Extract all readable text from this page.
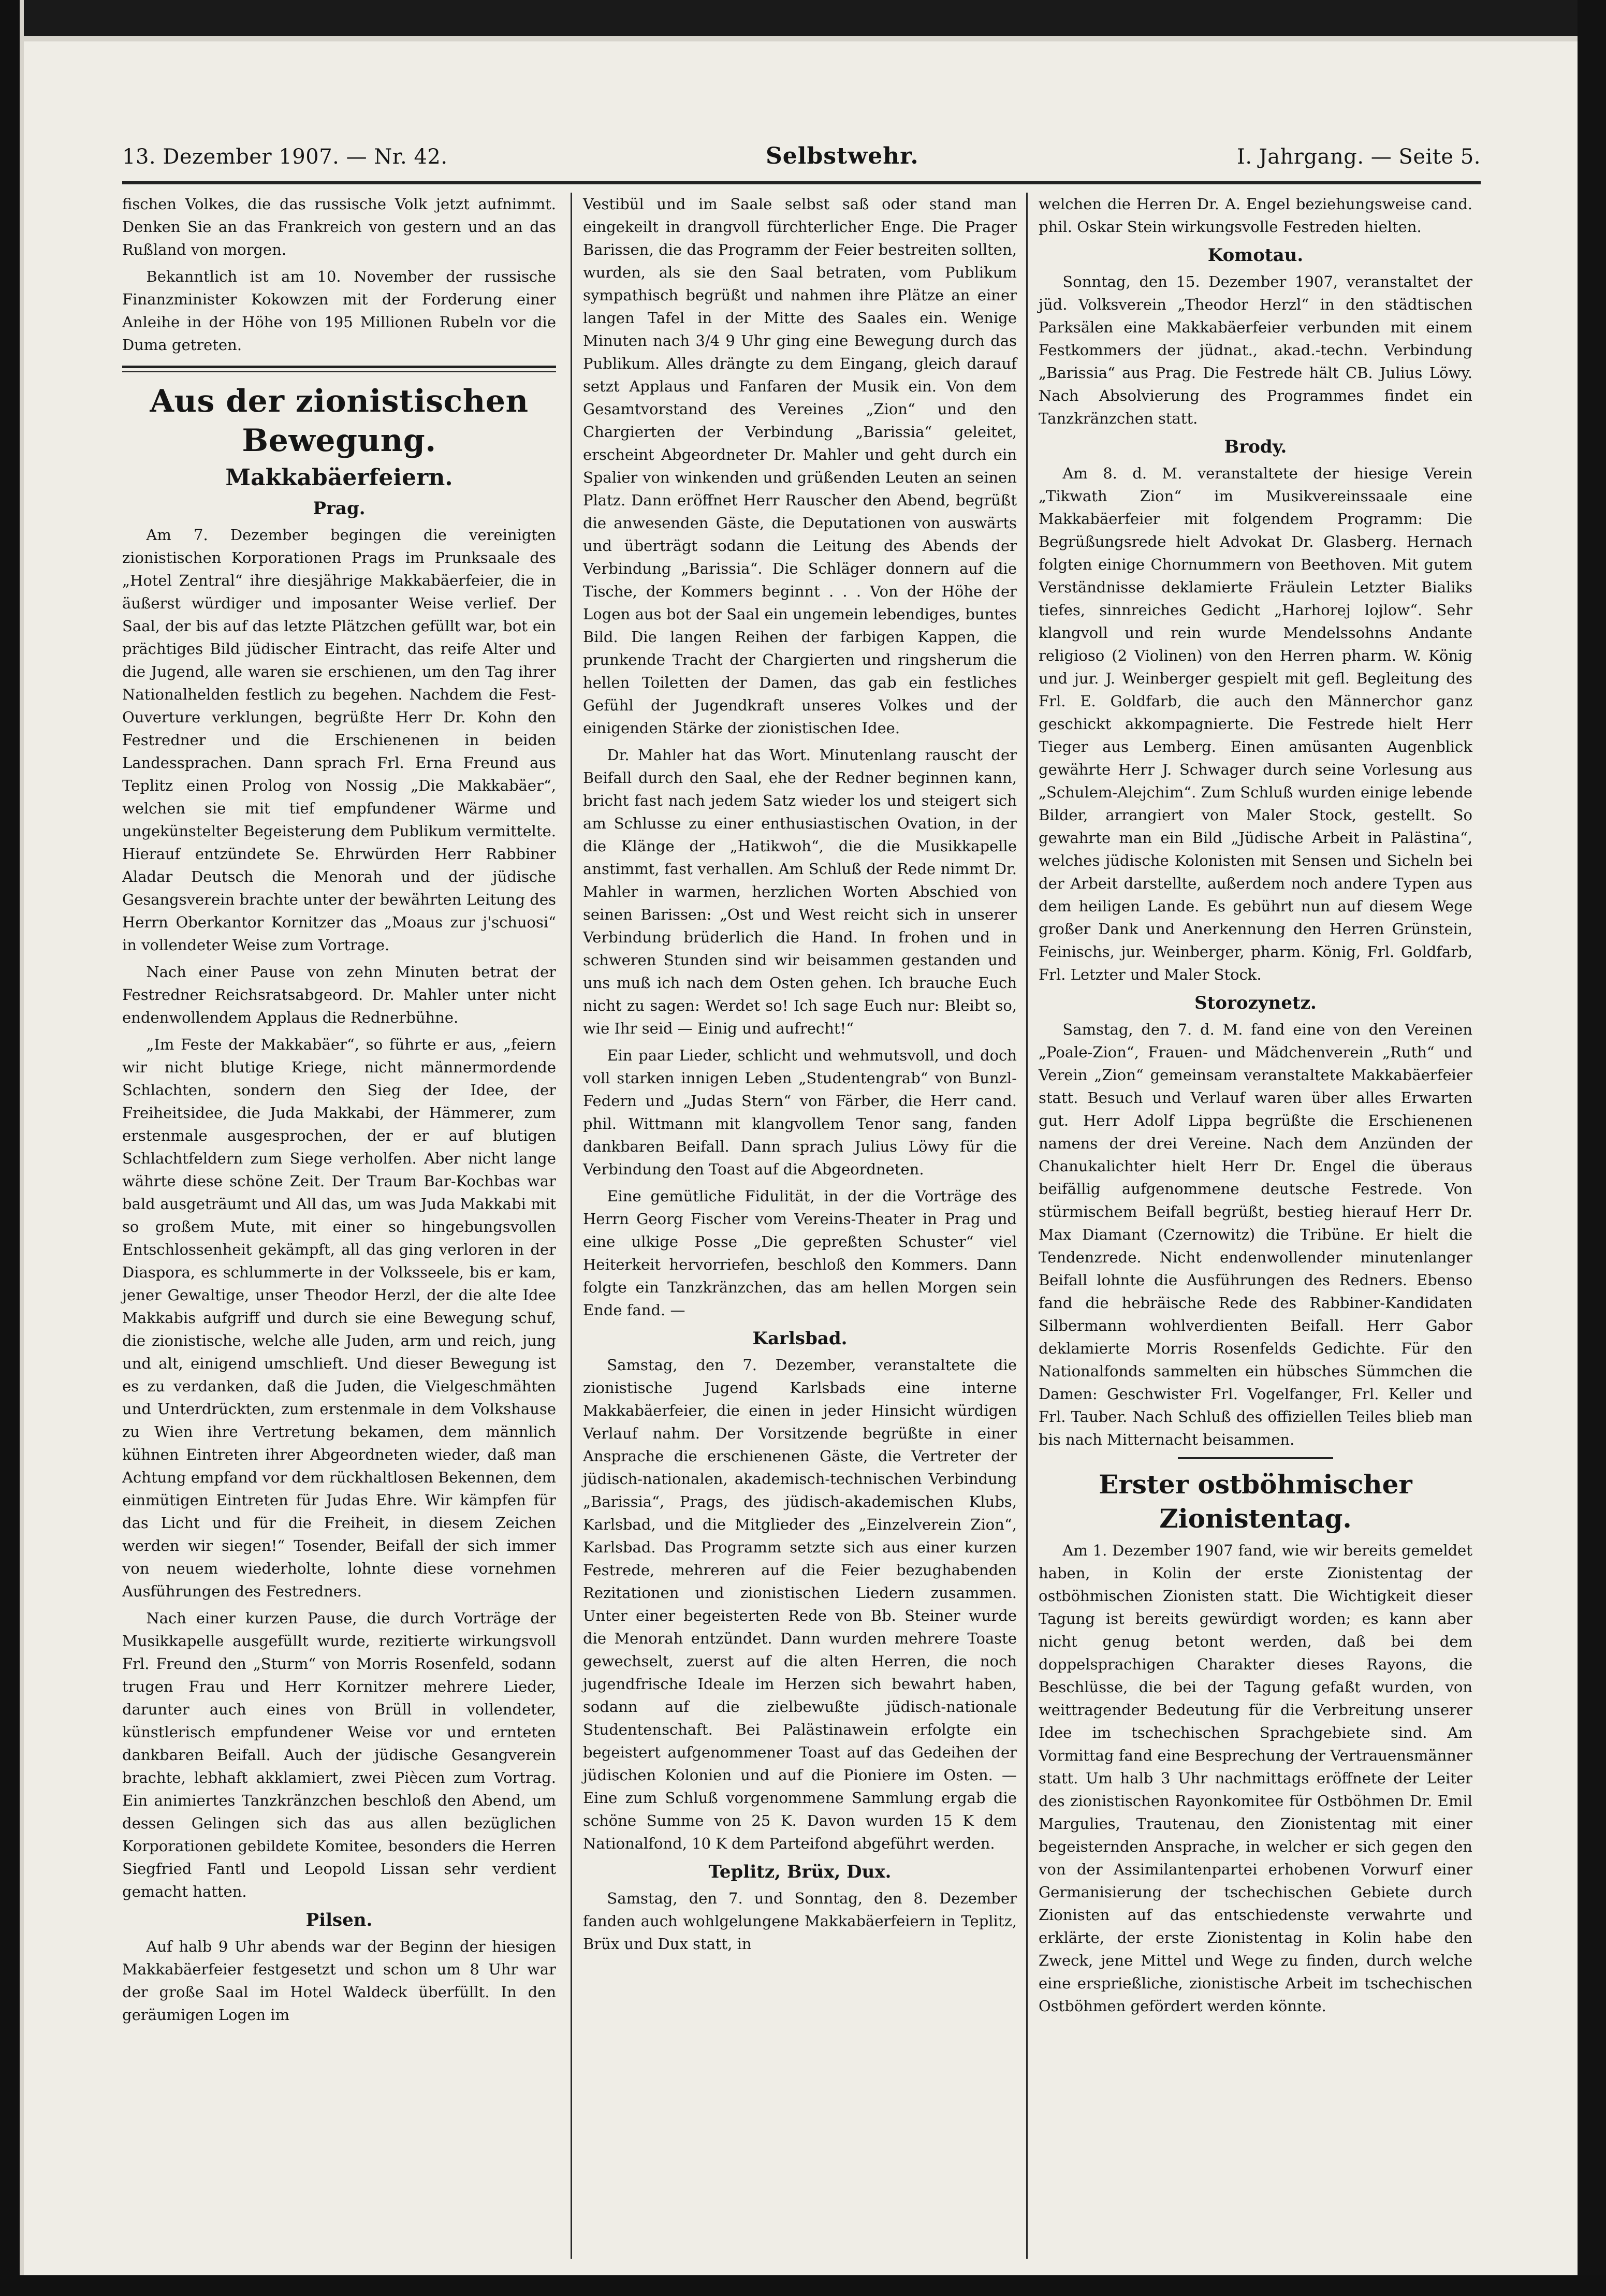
13. Dezember 1907. — Nr. 42.	Selbstwehr.	I. Jahrgang. — Seite 5.

fischen Volkes, die das russische Volk jetzt aufnimmt. Denken Sie an das Frankreich von gestern und an das Rußland von morgen.

Bekanntlich ist am 10. November der russische Finanzminister Kokowzen mit der Forderung einer Anleihe in der Höhe von 195 Millionen Rubeln vor die Duma getreten.

Aus der zionistischen Bewegung.
Makkabäerfeiern.
Prag.

Am 7. Dezember begingen die vereinigten zionistischen Korporationen Prags im Prunksaale des „Hotel Zentral“ ihre diesjährige Makkabäerfeier, die in äußerst würdiger und imposanter Weise verlief. Der Saal, der bis auf das letzte Plätzchen gefüllt war, bot ein prächtiges Bild jüdischer Eintracht, das reife Alter und die Jugend, alle waren sie erschienen, um den Tag ihrer Nationalhelden festlich zu begehen. Nachdem die Fest-Ouverture verklungen, begrüßte Herr Dr. Kohn den Festredner und die Erschienenen in beiden Landessprachen. Dann sprach Frl. Erna Freund aus Teplitz einen Prolog von Nossig „Die Makkabäer“, welchen sie mit tief empfundener Wärme und ungekünstelter Begeisterung dem Publikum vermittelte. Hierauf entzündete Se. Ehrwürden Herr Rabbiner Aladar Deutsch die Menorah und der jüdische Gesangsverein brachte unter der bewährten Leitung des Herrn Oberkantor Kornitzer das „Moaus zur j'schuosi“ in vollendeter Weise zum Vortrage.

Nach einer Pause von zehn Minuten betrat der Festredner Reichsratsabgeord. Dr. Mahler unter nicht endenwollendem Applaus die Rednerbühne.

„Im Feste der Makkabäer“, so führte er aus, „feiern wir nicht blutige Kriege, nicht männermordende Schlachten, sondern den Sieg der Idee, der Freiheitsidee, die Juda Makkabi, der Hämmerer, zum erstenmale ausgesprochen, der er auf blutigen Schlachtfeldern zum Siege verholfen. Aber nicht lange währte diese schöne Zeit. Der Traum Bar-Kochbas war bald ausgeträumt und All das, um was Juda Makkabi mit so großem Mute, mit einer so hingebungsvollen Entschlossenheit gekämpft, all das ging verloren in der Diaspora, es schlummerte in der Volksseele, bis er kam, jener Gewaltige, unser Theodor Herzl, der die alte Idee Makkabis aufgriff und durch sie eine Bewegung schuf, die zionistische, welche alle Juden, arm und reich, jung und alt, einigend umschlieft. Und dieser Bewegung ist es zu verdanken, daß die Juden, die Vielgeschmähten und Unterdrückten, zum erstenmale in dem Volkshause zu Wien ihre Vertretung bekamen, dem männlich kühnen Eintreten ihrer Abgeordneten wieder, daß man Achtung empfand vor dem rückhaltlosen Bekennen, dem einmütigen Eintreten für Judas Ehre. Wir kämpfen für das Licht und für die Freiheit, in diesem Zeichen werden wir siegen!“ Tosender, Beifall der sich immer von neuem wiederholte, lohnte diese vornehmen Ausführungen des Festredners.

Nach einer kurzen Pause, die durch Vorträge der Musikkapelle ausgefüllt wurde, rezitierte wirkungsvoll Frl. Freund den „Sturm“ von Morris Rosenfeld, sodann trugen Frau und Herr Kornitzer mehrere Lieder, darunter auch eines von Brüll in vollendeter, künstlerisch empfundener Weise vor und ernteten dankbaren Beifall. Auch der jüdische Gesangverein brachte, lebhaft akklamiert, zwei Piècen zum Vortrag. Ein animiertes Tanzkränzchen beschloß den Abend, um dessen Gelingen sich das aus allen bezüglichen Korporationen gebildete Komitee, besonders die Herren Siegfried Fantl und Leopold Lissan sehr verdient gemacht hatten.

Pilsen.

Auf halb 9 Uhr abends war der Beginn der hiesigen Makkabäerfeier festgesetzt und schon um 8 Uhr war der große Saal im Hotel Waldeck überfüllt. In den geräumigen Logen im

Vestibül und im Saale selbst saß oder stand man eingekeilt in drangvoll fürchterlicher Enge. Die Prager Barissen, die das Programm der Feier bestreiten sollten, wurden, als sie den Saal betraten, vom Publikum sympathisch begrüßt und nahmen ihre Plätze an einer langen Tafel in der Mitte des Saales ein. Wenige Minuten nach 3/4 9 Uhr ging eine Bewegung durch das Publikum. Alles drängte zu dem Eingang, gleich darauf setzt Applaus und Fanfaren der Musik ein. Von dem Gesamtvorstand des Vereines „Zion“ und den Chargierten der Verbindung „Barissia“ geleitet, erscheint Abgeordneter Dr. Mahler und geht durch ein Spalier von winkenden und grüßenden Leuten an seinen Platz. Dann eröffnet Herr Rauscher den Abend, begrüßt die anwesenden Gäste, die Deputationen von auswärts und überträgt sodann die Leitung des Abends der Verbindung „Barissia“. Die Schläger donnern auf die Tische, der Kommers beginnt . . . Von der Höhe der Logen aus bot der Saal ein ungemein lebendiges, buntes Bild. Die langen Reihen der farbigen Kappen, die prunkende Tracht der Chargierten und ringsherum die hellen Toiletten der Damen, das gab ein festliches Gefühl der Jugendkraft unseres Volkes und der einigenden Stärke der zionistischen Idee.

Dr. Mahler hat das Wort. Minutenlang rauscht der Beifall durch den Saal, ehe der Redner beginnen kann, bricht fast nach jedem Satz wieder los und steigert sich am Schlusse zu einer enthusiastischen Ovation, in der die Klänge der „Hatikwoh“, die die Musikkapelle anstimmt, fast verhallen. Am Schluß der Rede nimmt Dr. Mahler in warmen, herzlichen Worten Abschied von seinen Barissen: „Ost und West reicht sich in unserer Verbindung brüderlich die Hand. In frohen und in schweren Stunden sind wir beisammen gestanden und uns muß ich nach dem Osten gehen. Ich brauche Euch nicht zu sagen: Werdet so! Ich sage Euch nur: Bleibt so, wie Ihr seid — Einig und aufrecht!“

Ein paar Lieder, schlicht und wehmutsvoll, und doch voll starken innigen Leben „Studentengrab“ von Bunzl-Federn und „Judas Stern“ von Färber, die Herr cand. phil. Wittmann mit klangvollem Tenor sang, fanden dankbaren Beifall. Dann sprach Julius Löwy für die Verbindung den Toast auf die Abgeordneten.

Eine gemütliche Fidulität, in der die Vorträge des Herrn Georg Fischer vom Vereins-Theater in Prag und eine ulkige Posse „Die gepreßten Schuster“ viel Heiterkeit hervorriefen, beschloß den Kommers. Dann folgte ein Tanzkränzchen, das am hellen Morgen sein Ende fand. —

Karlsbad.

Samstag, den 7. Dezember, veranstaltete die zionistische Jugend Karlsbads eine interne Makkabäerfeier, die einen in jeder Hinsicht würdigen Verlauf nahm. Der Vorsitzende begrüßte in einer Ansprache die erschienenen Gäste, die Vertreter der jüdisch-nationalen, akademisch-technischen Verbindung „Barissia“, Prags, des jüdisch-akademischen Klubs, Karlsbad, und die Mitglieder des „Einzelverein Zion“, Karlsbad. Das Programm setzte sich aus einer kurzen Festrede, mehreren auf die Feier bezughabenden Rezitationen und zionistischen Liedern zusammen. Unter einer begeisterten Rede von Bb. Steiner wurde die Menorah entzündet. Dann wurden mehrere Toaste gewechselt, zuerst auf die alten Herren, die noch jugendfrische Ideale im Herzen sich bewahrt haben, sodann auf die zielbewußte jüdisch-nationale Studentenschaft. Bei Palästinawein erfolgte ein begeistert aufgenommener Toast auf das Gedeihen der jüdischen Kolonien und auf die Pioniere im Osten. — Eine zum Schluß vorgenommene Sammlung ergab die schöne Summe von 25 K. Davon wurden 15 K dem Nationalfond, 10 K dem Parteifond abgeführt werden.

Teplitz, Brüx, Dux.

Samstag, den 7. und Sonntag, den 8. Dezember fanden auch wohlgelungene Makkabäerfeiern in Teplitz, Brüx und Dux statt, in

welchen die Herren Dr. A. Engel beziehungsweise cand. phil. Oskar Stein wirkungsvolle Festreden hielten.

Komotau.

Sonntag, den 15. Dezember 1907, veranstaltet der jüd. Volksverein „Theodor Herzl“ in den städtischen Parksälen eine Makkabäerfeier verbunden mit einem Festkommers der jüdnat., akad.-techn. Verbindung „Barissia“ aus Prag. Die Festrede hält CB. Julius Löwy. Nach Absolvierung des Programmes findet ein Tanzkränzchen statt.

Brody.

Am 8. d. M. veranstaltete der hiesige Verein „Tikwath Zion“ im Musikvereinssaale eine Makkabäerfeier mit folgendem Programm: Die Begrüßungsrede hielt Advokat Dr. Glasberg. Hernach folgten einige Chornummern von Beethoven. Mit gutem Verständnisse deklamierte Fräulein Letzter Bialiks tiefes, sinnreiches Gedicht „Harhorej lojlow“. Sehr klangvoll und rein wurde Mendelssohns Andante religioso (2 Violinen) von den Herren pharm. W. König und jur. J. Weinberger gespielt mit gefl. Begleitung des Frl. E. Goldfarb, die auch den Männerchor ganz geschickt akkompagnierte. Die Festrede hielt Herr Tieger aus Lemberg. Einen amüsanten Augenblick gewährte Herr J. Schwager durch seine Vorlesung aus „Schulem-Alejchim“. Zum Schluß wurden einige lebende Bilder, arrangiert von Maler Stock, gestellt. So gewahrte man ein Bild „Jüdische Arbeit in Palästina“, welches jüdische Kolonisten mit Sensen und Sicheln bei der Arbeit darstellte, außerdem noch andere Typen aus dem heiligen Lande. Es gebührt nun auf diesem Wege großer Dank und Anerkennung den Herren Grünstein, Feinischs, jur. Weinberger, pharm. König, Frl. Goldfarb, Frl. Letzter und Maler Stock.

Storozynetz.

Samstag, den 7. d. M. fand eine von den Vereinen „Poale-Zion“, Frauen- und Mädchenverein „Ruth“ und Verein „Zion“ gemeinsam veranstaltete Makkabäerfeier statt. Besuch und Verlauf waren über alles Erwarten gut. Herr Adolf Lippa begrüßte die Erschienenen namens der drei Vereine. Nach dem Anzünden der Chanukalichter hielt Herr Dr. Engel die überaus beifällig aufgenommene deutsche Festrede. Von stürmischem Beifall begrüßt, bestieg hierauf Herr Dr. Max Diamant (Czernowitz) die Tribüne. Er hielt die Tendenzrede. Nicht endenwollender minutenlanger Beifall lohnte die Ausführungen des Redners. Ebenso fand die hebräische Rede des Rabbiner-Kandidaten Silbermann wohlverdienten Beifall. Herr Gabor deklamierte Morris Rosenfelds Gedichte. Für den Nationalfonds sammelten ein hübsches Sümmchen die Damen: Geschwister Frl. Vogelfanger, Frl. Keller und Frl. Tauber. Nach Schluß des offiziellen Teiles blieb man bis nach Mitternacht beisammen.

Erster ostböhmischer Zionistentag.

Am 1. Dezember 1907 fand, wie wir bereits gemeldet haben, in Kolin der erste Zionistentag der ostböhmischen Zionisten statt. Die Wichtigkeit dieser Tagung ist bereits gewürdigt worden; es kann aber nicht genug betont werden, daß bei dem doppelsprachigen Charakter dieses Rayons, die Beschlüsse, die bei der Tagung gefaßt wurden, von weittragender Bedeutung für die Verbreitung unserer Idee im tschechischen Sprachgebiete sind. Am Vormittag fand eine Besprechung der Vertrauensmänner statt. Um halb 3 Uhr nachmittags eröffnete der Leiter des zionistischen Rayonkomitee für Ostböhmen Dr. Emil Margulies, Trautenau, den Zionistentag mit einer begeisternden Ansprache, in welcher er sich gegen den von der Assimilantenpartei erhobenen Vorwurf einer Germanisierung der tschechischen Gebiete durch Zionisten auf das entschiedenste verwahrte und erklärte, der erste Zionistentag in Kolin habe den Zweck, jene Mittel und Wege zu finden, durch welche eine ersprießliche, zionistische Arbeit im tschechischen Ostböhmen gefördert werden könnte.
